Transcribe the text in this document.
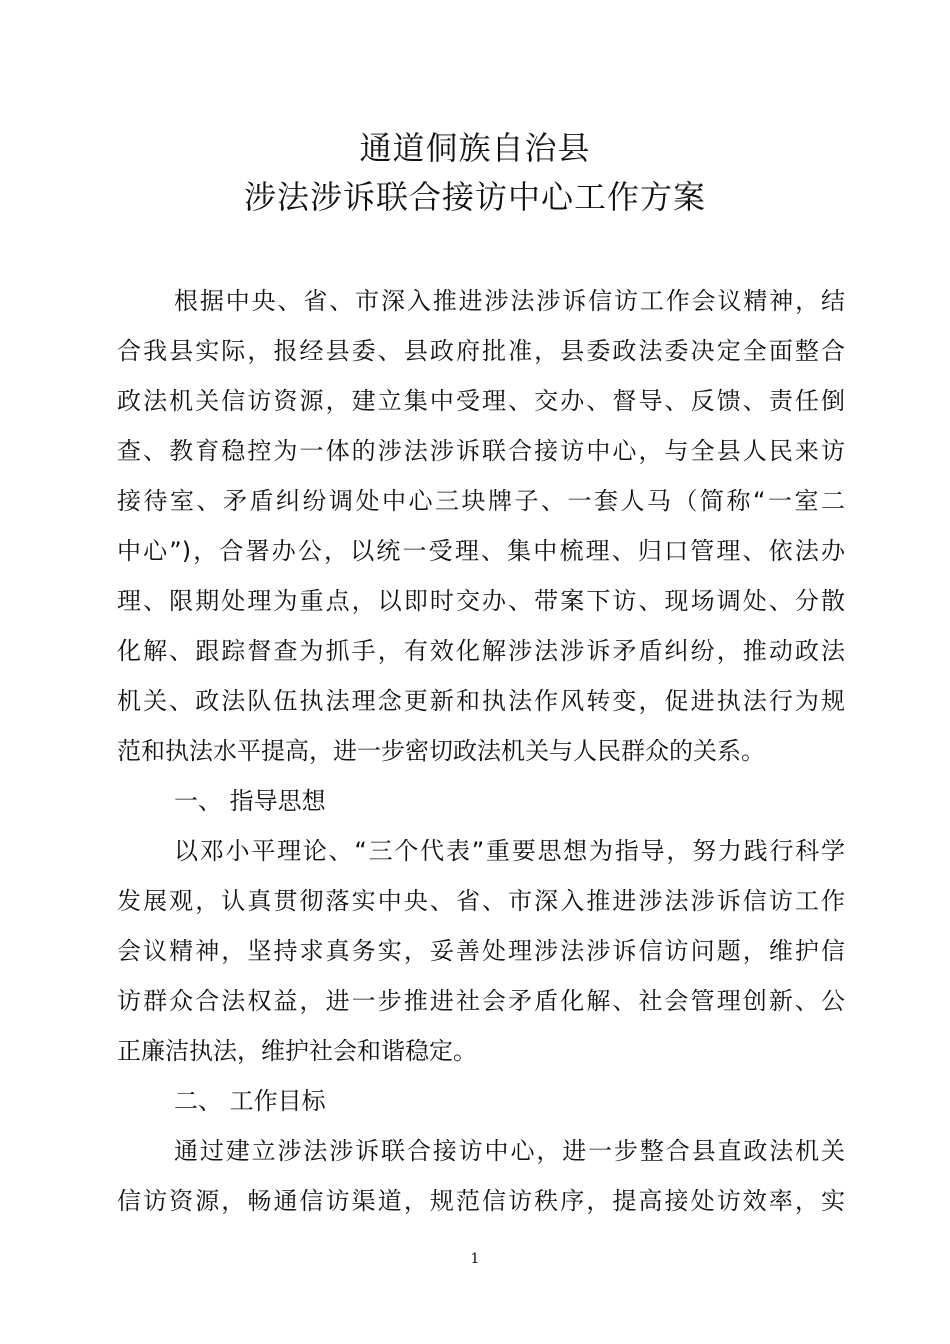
通道侗族自治县
涉法涉诉联合接访中心工作方案
根据中央、省、市深入推进涉法涉诉信访工作会议精神，结
合我县实际，报经县委、县政府批准，县委政法委决定全面整合
政法机关信访资源，建立集中受理、交办、督导、反馈、责任倒
查、教育稳控为一体的涉法涉诉联合接访中心，与全县人民来访
接待室、矛盾纠纷调处中心三块牌子、一套人马（简称“一室二
中心”)，合署办公，以统一受理、集中梳理、归口管理、依法办
理、限期处理为重点，以即时交办、带案下访、现场调处、分散
化解、跟踪督查为抓手，有效化解涉法涉诉矛盾纠纷，推动政法
机关、政法队伍执法理念更新和执法作风转变，促进执法行为规
范和执法水平提高，进一步密切政法机关与人民群众的关系。
一、 指导思想
以邓小平理论、“三个代表”重要思想为指导，努力践行科学
发展观，认真贯彻落实中央、省、市深入推进涉法涉诉信访工作
会议精神，坚持求真务实，妥善处理涉法涉诉信访问题，维护信
访群众合法权益，进一步推进社会矛盾化解、社会管理创新、公
正廉洁执法，维护社会和谐稳定。
二、 工作目标
通过建立涉法涉诉联合接访中心，进一步整合县直政法机关
信访资源，畅通信访渠道，规范信访秩序，提高接处访效率，实
1
